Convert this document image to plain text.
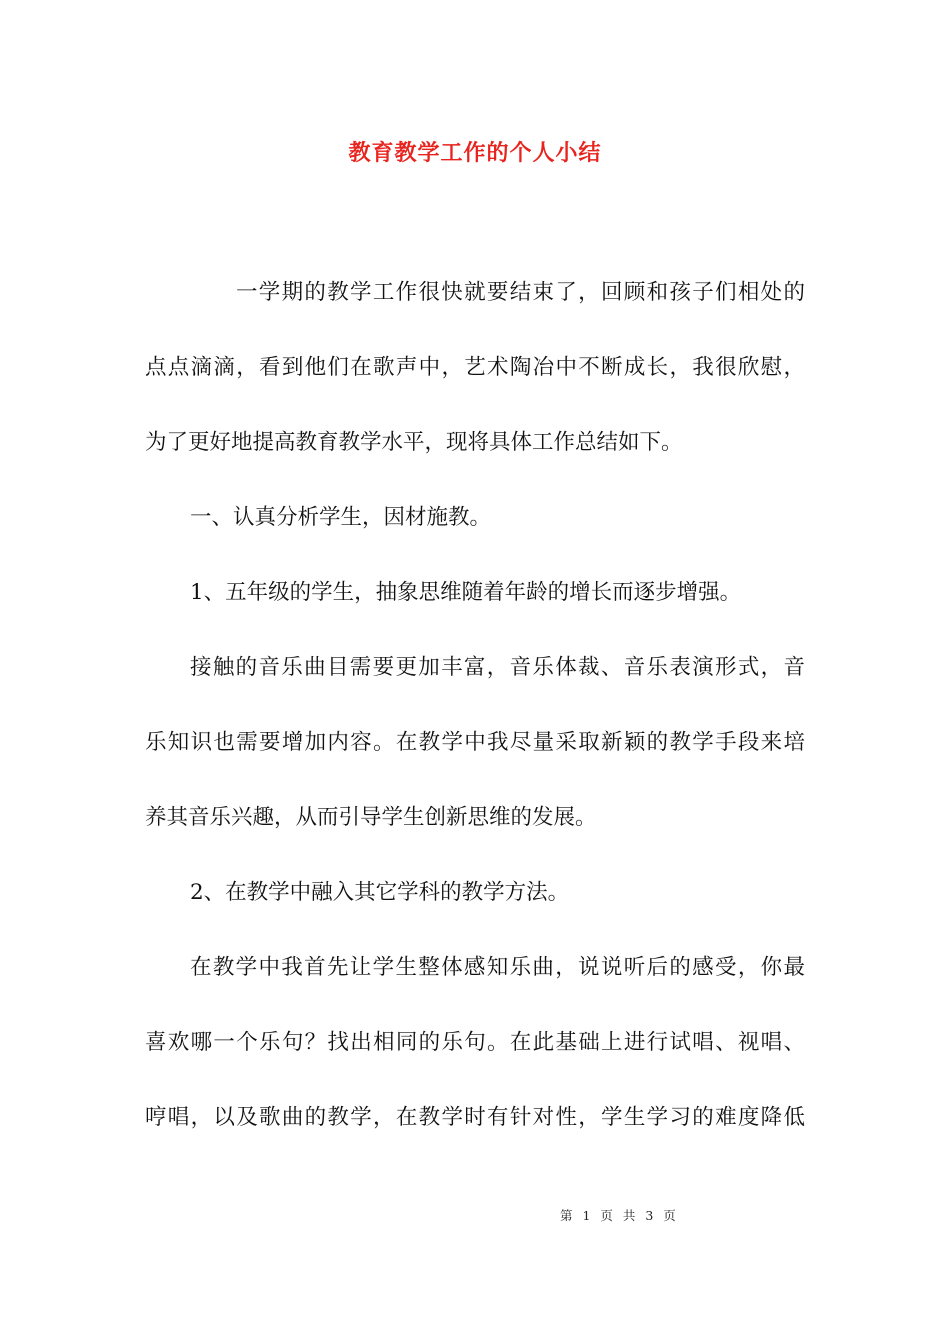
教育教学工作的个人小结
一学期的教学工作很快就要结束了，回顾和孩子们相处的
点点滴滴，看到他们在歌声中，艺术陶冶中不断成长，我很欣慰，
为了更好地提高教育教学水平，现将具体工作总结如下。
一、认真分析学生，因材施教。
1、五年级的学生，抽象思维随着年龄的增长而逐步增强。
接触的音乐曲目需要更加丰富，音乐体裁、音乐表演形式，音
乐知识也需要增加内容。在教学中我尽量采取新颖的教学手段来培
养其音乐兴趣，从而引导学生创新思维的发展。
2、在教学中融入其它学科的教学方法。
在教学中我首先让学生整体感知乐曲，说说听后的感受，你最
喜欢哪一个乐句？找出相同的乐句。在此基础上进行试唱、视唱、
哼唱，以及歌曲的教学，在教学时有针对性，学生学习的难度降低
第 1 页 共 3 页
